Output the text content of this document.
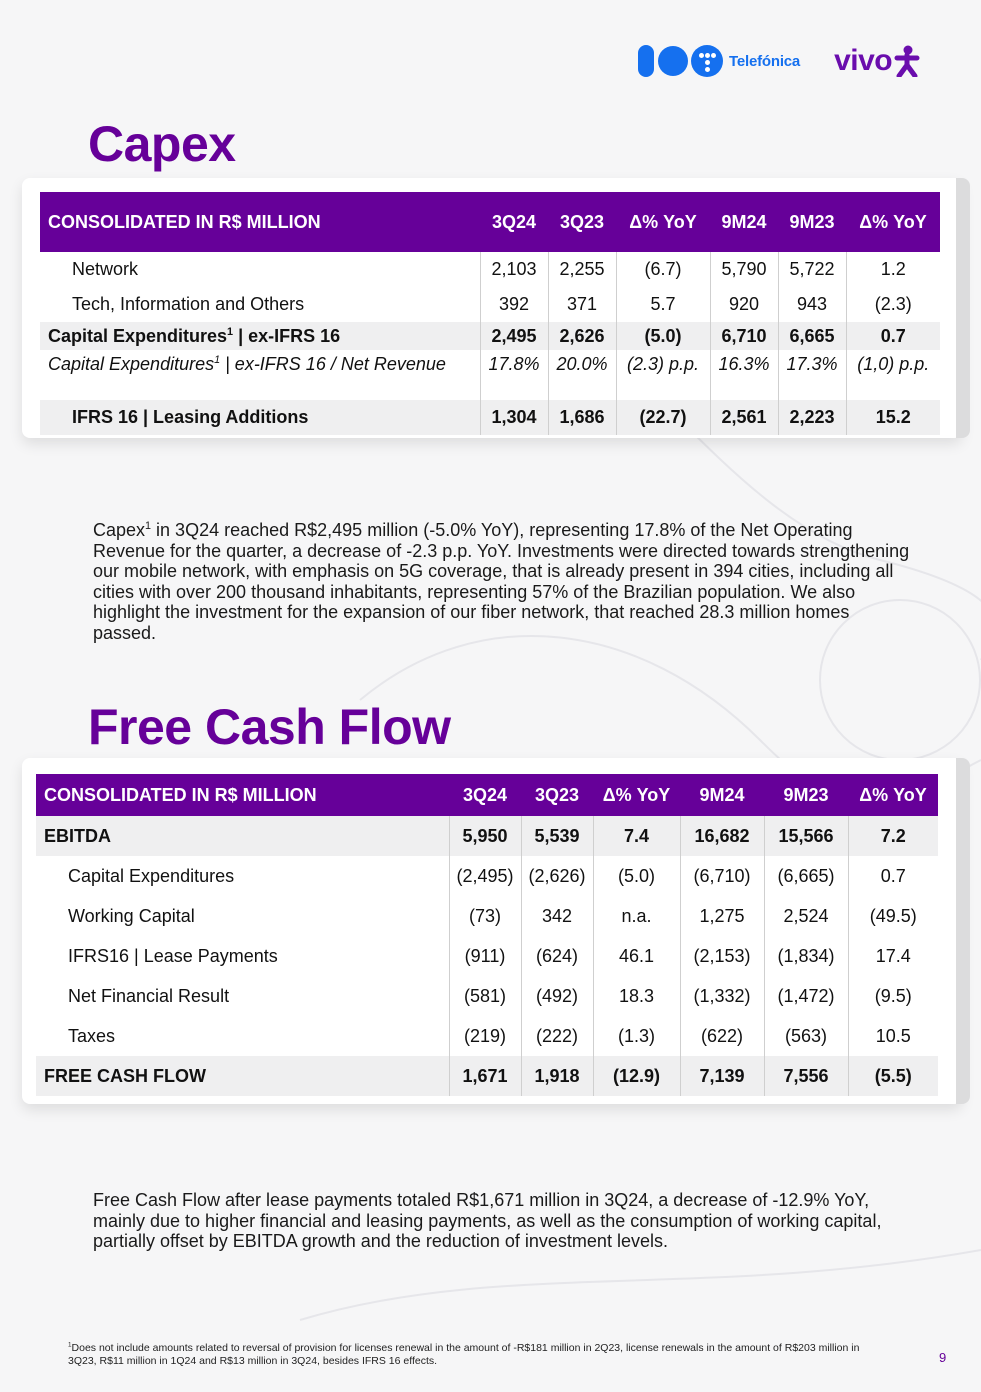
Telefónica vivo
Capex
CONSOLIDATED IN R$ MILLION	3Q24	3Q23	Δ% YoY	9M24	9M23	Δ% YoY
Network	2,103	2,255	(6.7)	5,790	5,722	1.2
Tech, Information and Others	392	371	5.7	920	943	(2.3)
Capital Expenditures$^1$ | ex-IFRS 16	2,495	2,626	(5.0)	6,710	6,665	0.7
Capital Expenditures$^1$ | ex-IFRS 16 / Net Revenue	17.8%	20.0%	(2.3) p.p.	16.3%	17.3%	(1,0) p.p.

IFRS 16 | Leasing Additions	1,304	1,686	(22.7)	2,561	2,223	15.2

Capex$^1$ in 3Q24 reached R$2,495 million (-5.0% YoY), representing 17.8% of the Net Operating Revenue for the quarter, a decrease of -2.3 p.p. YoY. Investments were directed towards strengthening our mobile network, with emphasis on 5G coverage, that is already present in 394 cities, including all cities with over 200 thousand inhabitants, representing 57% of the Brazilian population. We also highlight the investment for the expansion of our fiber network, that reached 28.3 million homes passed.

Free Cash Flow
CONSOLIDATED IN R$ MILLION	3Q24	3Q23	Δ% YoY	9M24	9M23	Δ% YoY
EBITDA	5,950	5,539	7.4	16,682	15,566	7.2
Capital Expenditures	(2,495)	(2,626)	(5.0)	(6,710)	(6,665)	0.7
Working Capital	(73)	342	n.a.	1,275	2,524	(49.5)
IFRS16 | Lease Payments	(911)	(624)	46.1	(2,153)	(1,834)	17.4
Net Financial Result	(581)	(492)	18.3	(1,332)	(1,472)	(9.5)
Taxes	(219)	(222)	(1.3)	(622)	(563)	10.5
FREE CASH FLOW	1,671	1,918	(12.9)	7,139	7,556	(5.5)

Free Cash Flow after lease payments totaled R$1,671 million in 3Q24, a decrease of -12.9% YoY, mainly due to higher financial and leasing payments, as well as the consumption of working capital, partially offset by EBITDA growth and the reduction of investment levels.

$^1$Does not include amounts related to reversal of provision for licenses renewal in the amount of -R$181 million in 2Q23, license renewals in the amount of R$203 million in 3Q23, R$11 million in 1Q24 and R$13 million in 3Q24, besides IFRS 16 effects.	9
